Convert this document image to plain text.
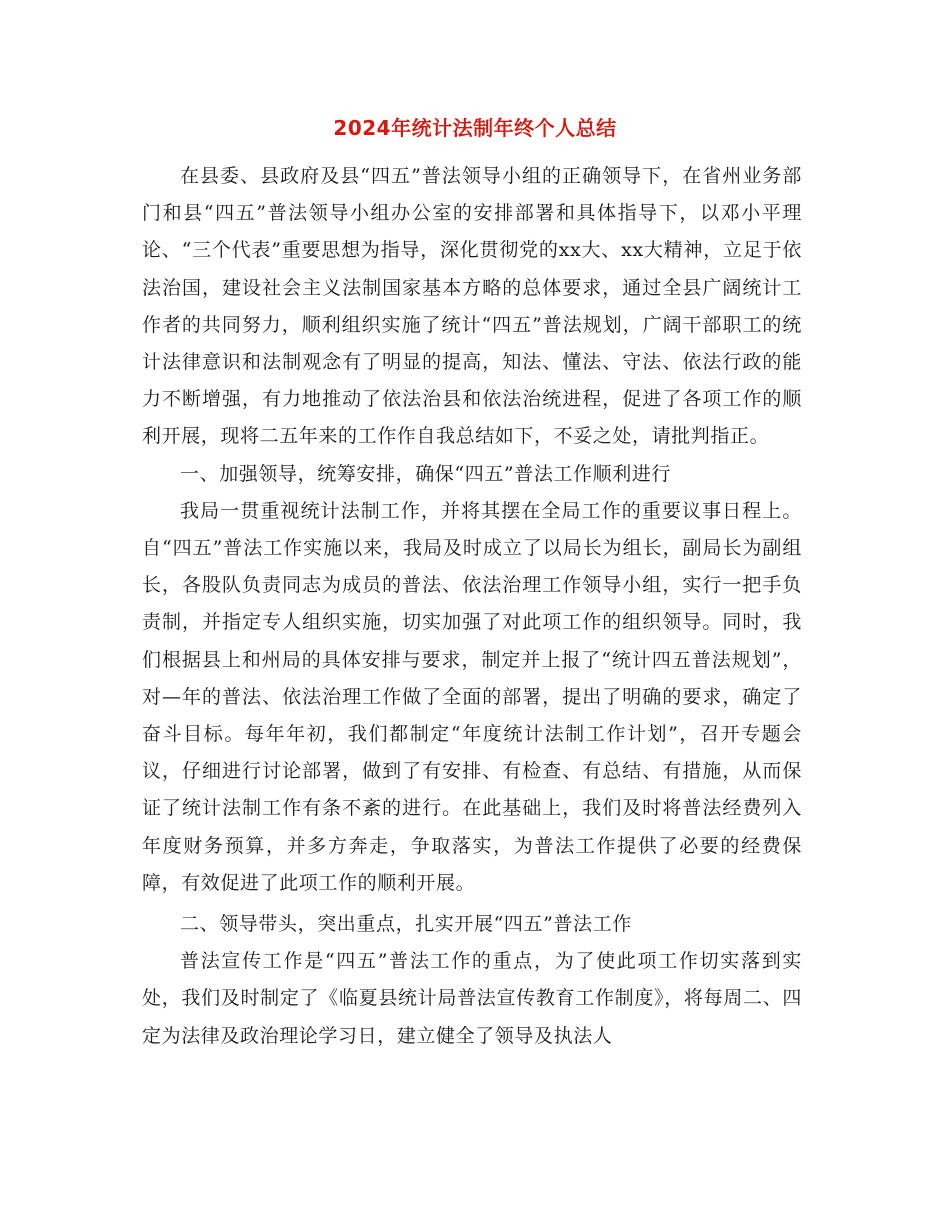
2024年统计法制年终个人总结

在县委、县政府及县“四五”普法领导小组的正确领导下，在省州业务部门和县“四五”普法领导小组办公室的安排部署和具体指导下，以邓小平理论、“三个代表”重要思想为指导，深化贯彻党的xx大、xx大精神，立足于依法治国，建设社会主义法制国家基本方略的总体要求，通过全县广阔统计工作者的共同努力，顺利组织实施了统计“四五”普法规划，广阔干部职工的统计法律意识和法制观念有了明显的提高，知法、懂法、守法、依法行政的能力不断增强，有力地推动了依法治县和依法治统进程，促进了各项工作的顺利开展，现将二五年来的工作作自我总结如下，不妥之处，请批判指正。

一、加强领导，统筹安排，确保“四五”普法工作顺利进行

我局一贯重视统计法制工作，并将其摆在全局工作的重要议事日程上。自“四五”普法工作实施以来，我局及时成立了以局长为组长，副局长为副组长，各股队负责同志为成员的普法、依法治理工作领导小组，实行一把手负责制，并指定专人组织实施，切实加强了对此项工作的组织领导。同时，我们根据县上和州局的具体安排与要求，制定并上报了“统计四五普法规划”，对—年的普法、依法治理工作做了全面的部署，提出了明确的要求，确定了奋斗目标。每年年初，我们都制定“年度统计法制工作计划”，召开专题会议，仔细进行讨论部署，做到了有安排、有检查、有总结、有措施，从而保证了统计法制工作有条不紊的进行。在此基础上，我们及时将普法经费列入年度财务预算，并多方奔走，争取落实，为普法工作提供了必要的经费保障，有效促进了此项工作的顺利开展。

二、领导带头，突出重点，扎实开展“四五”普法工作

普法宣传工作是“四五”普法工作的重点，为了使此项工作切实落到实处，我们及时制定了《临夏县统计局普法宣传教育工作制度》，将每周二、四定为法律及政治理论学习日，建立健全了领导及执法人
